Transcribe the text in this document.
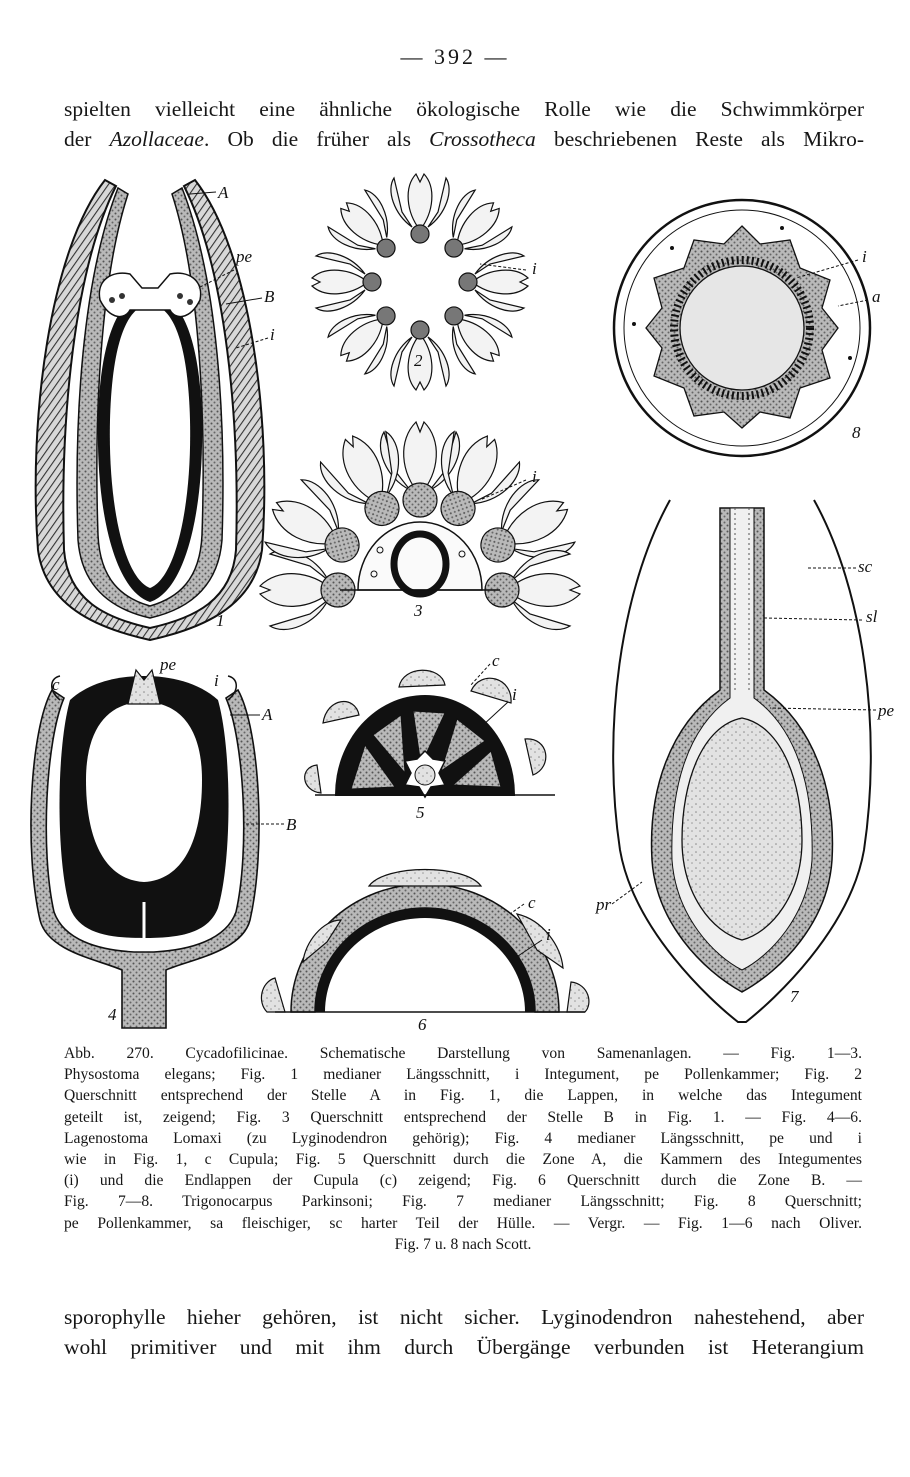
— 392 —

spielten vielleicht eine ähnliche ökologische Rolle wie die Schwimmkörper
der Azollaceae. Ob die früher als Crossotheca beschriebenen Reste als Mikro-

A
pe
B
i
1
i
2
i
3
c
pe
i
A
B
4
c
i
5
c
i
6
i
a
8
sc
sl
pe
pr
7
Abb. 270. Cycadofilicinae. Schematische Darstellung von Samenanlagen. — Fig. 1—3.
Physostoma elegans; Fig. 1 medianer Längsschnitt, i Integument, pe Pollenkammer; Fig. 2
Querschnitt entsprechend der Stelle A in Fig. 1, die Lappen, in welche das Integument
geteilt ist, zeigend; Fig. 3 Querschnitt entsprechend der Stelle B in Fig. 1. — Fig. 4—6.
Lagenostoma Lomaxi (zu Lyginodendron gehörig); Fig. 4 medianer Längsschnitt, pe und i
wie in Fig. 1, c Cupula; Fig. 5 Querschnitt durch die Zone A, die Kammern des Integumentes
(i) und die Endlappen der Cupula (c) zeigend; Fig. 6 Querschnitt durch die Zone B. —
Fig. 7—8. Trigonocarpus Parkinsoni; Fig. 7 medianer Längsschnitt; Fig. 8 Querschnitt;
pe Pollenkammer, sa fleischiger, sc harter Teil der Hülle. — Vergr. — Fig. 1—6 nach Oliver.
Fig. 7 u. 8 nach Scott.

sporophylle hieher gehören, ist nicht sicher. Lyginodendron nahestehend, aber
wohl primitiver und mit ihm durch Übergänge verbunden ist Heterangium
